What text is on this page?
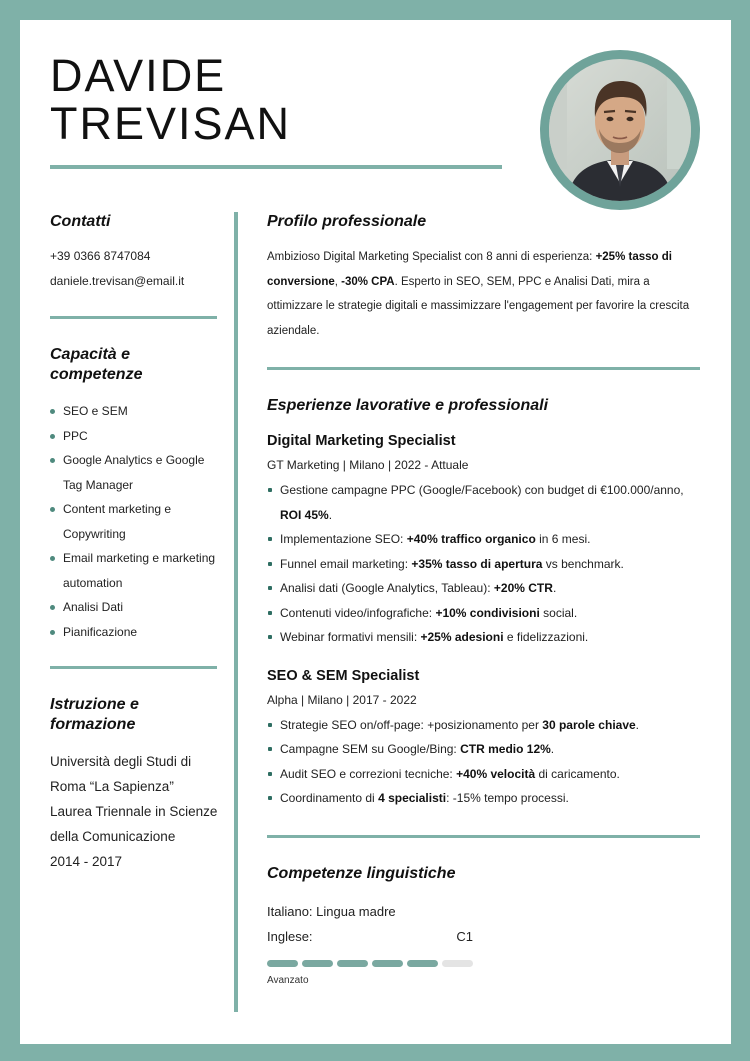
DAVIDE
TREVISAN
Contatti
+39 0366 8747084
daniele.trevisan@email.it
Capacità e competenze
SEO e SEM
PPC
Google Analytics e Google Tag Manager
Content marketing e Copywriting
Email marketing e marketing automation
Analisi Dati
Pianificazione
Istruzione e formazione
Università degli Studi di Roma “La Sapienza”
Laurea Triennale in Scienze della Comunicazione
2014 - 2017
Profilo professionale

Ambizioso Digital Marketing Specialist con 8 anni di esperienza: +25% tasso di conversione, -30% CPA. Esperto in SEO, SEM, PPC e Analisi Dati, mira a ottimizzare le strategie digitali e massimizzare l'engagement per favorire la crescita aziendale.

Esperienze lavorative e professionali
Digital Marketing Specialist
GT Marketing | Milano | 2022 - Attuale
Gestione campagne PPC (Google/Facebook) con budget di €100.000/anno, ROI 45%.
Implementazione SEO: +40% traffico organico in 6 mesi.
Funnel email marketing: +35% tasso di apertura vs benchmark.
Analisi dati (Google Analytics, Tableau): +20% CTR.
Contenuti video/infografiche: +10% condivisioni social.
Webinar formativi mensili: +25% adesioni e fidelizzazioni.
SEO & SEM Specialist
Alpha | Milano | 2017 - 2022
Strategie SEO on/off-page: +posizionamento per 30 parole chiave.
Campagne SEM su Google/Bing: CTR medio 12%.
Audit SEO e correzioni tecniche: +40% velocità di caricamento.
Coordinamento di 4 specialisti: -15% tempo processi.
Competenze linguistiche
Italiano: Lingua madre
Inglese:	C1
Avanzato
